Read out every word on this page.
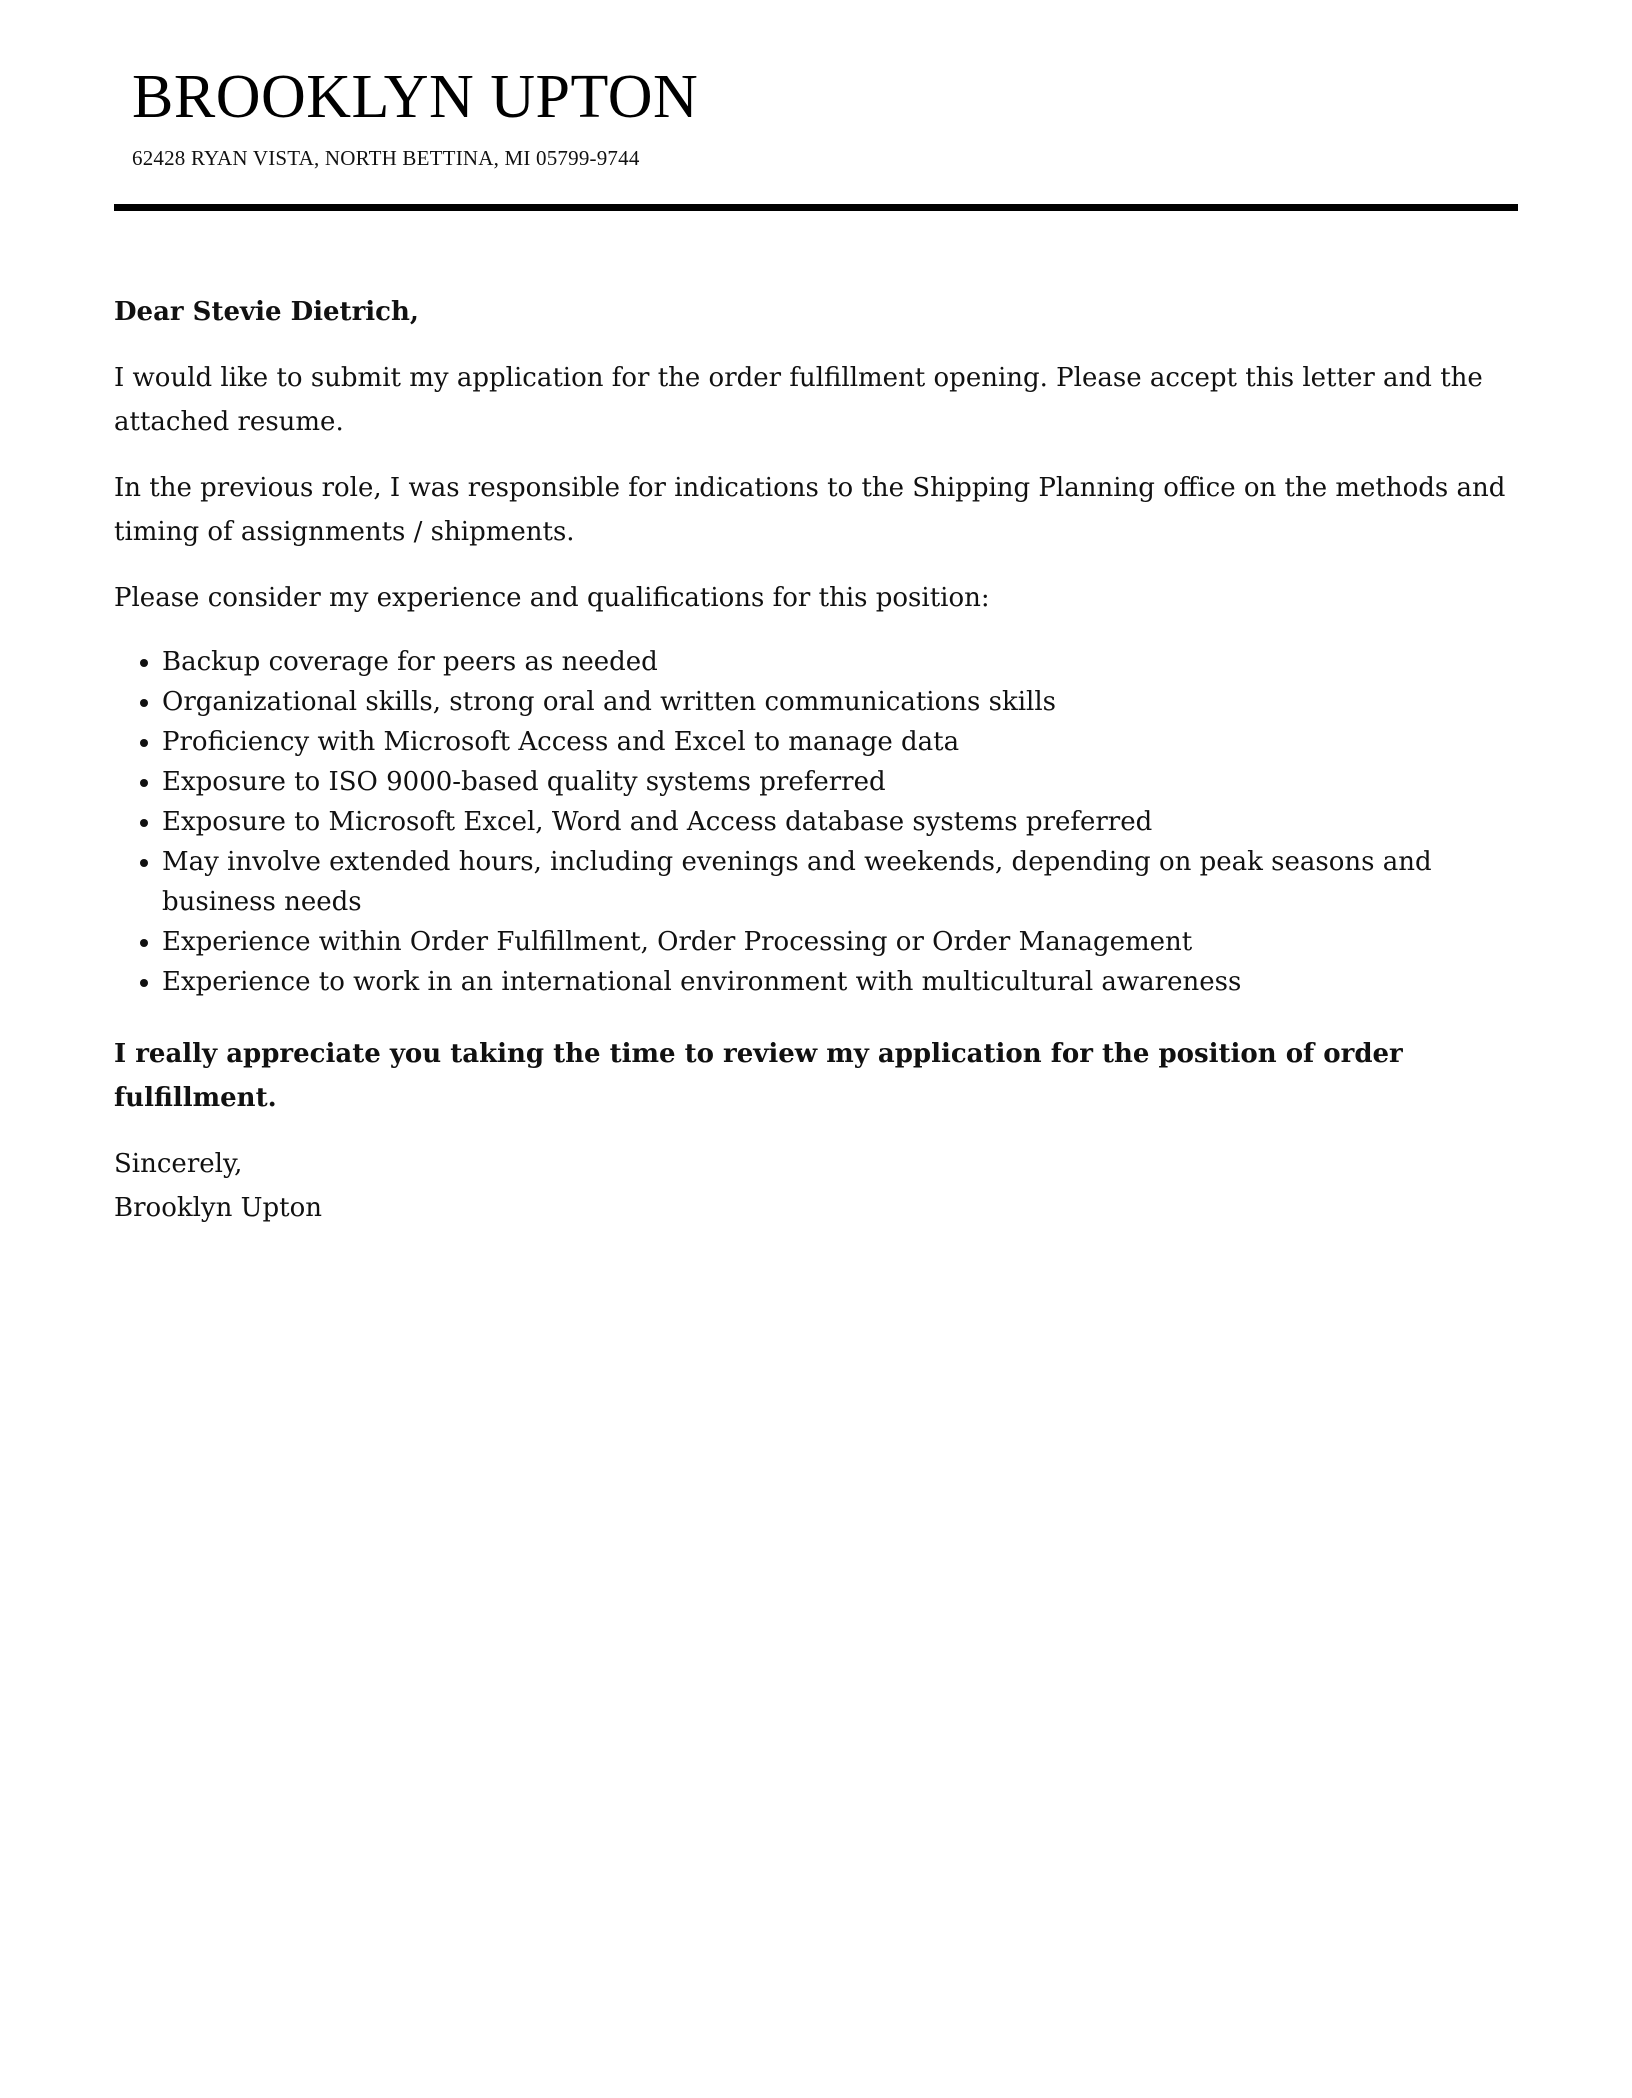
BROOKLYN UPTON
62428 RYAN VISTA, NORTH BETTINA, MI 05799-9744

Dear Stevie Dietrich,

I would like to submit my application for the order fulfillment opening. Please accept this letter and the attached resume.

In the previous role, I was responsible for indications to the Shipping Planning office on the methods and timing of assignments / shipments.

Please consider my experience and qualifications for this position:

• Backup coverage for peers as needed
• Organizational skills, strong oral and written communications skills
• Proficiency with Microsoft Access and Excel to manage data
• Exposure to ISO 9000-based quality systems preferred
• Exposure to Microsoft Excel, Word and Access database systems preferred
• May involve extended hours, including evenings and weekends, depending on peak seasons and business needs
• Experience within Order Fulfillment, Order Processing or Order Management
• Experience to work in an international environment with multicultural awareness

I really appreciate you taking the time to review my application for the position of order fulfillment.

Sincerely,

Brooklyn Upton
